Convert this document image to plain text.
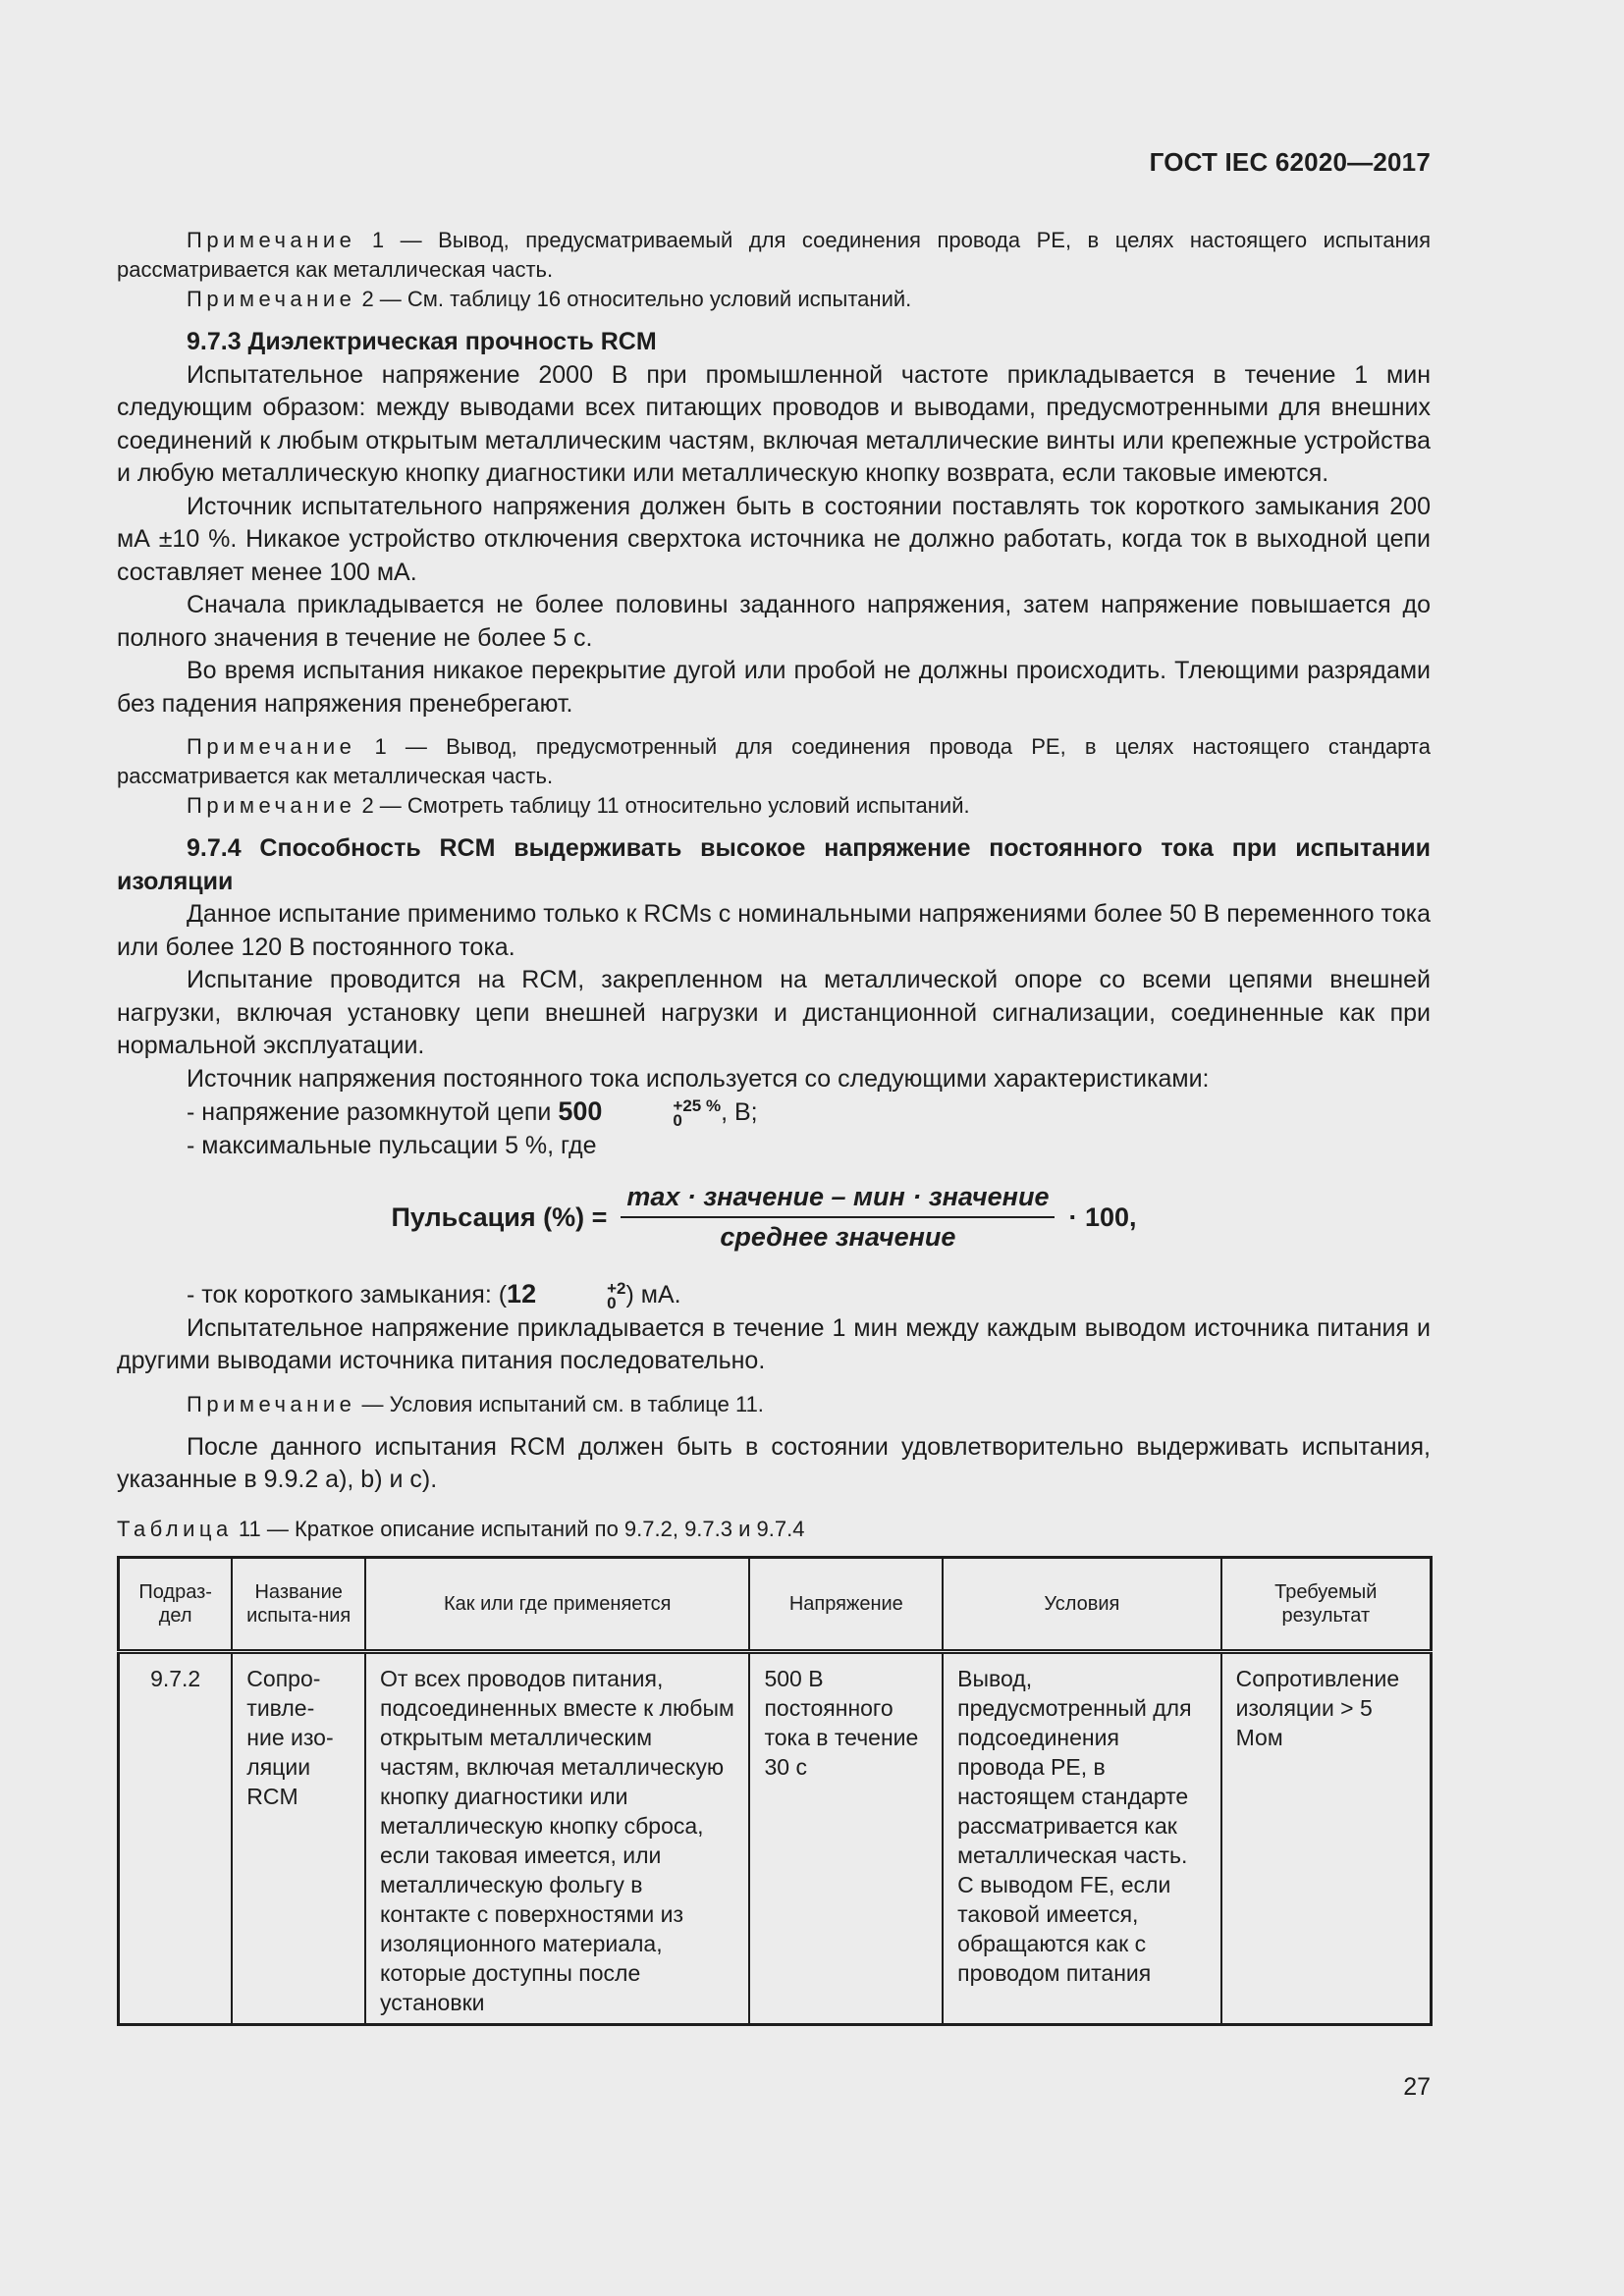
ГОСТ IEC 62020—2017

Примечание 1 — Вывод, предусматриваемый для соединения провода РЕ, в целях настоящего испытания рассматривается как металлическая часть.

Примечание 2 — См. таблицу 16 относительно условий испытаний.

9.7.3 Диэлектрическая прочность RCM

Испытательное напряжение 2000 В при промышленной частоте прикладывается в течение 1 мин следующим образом: между выводами всех питающих проводов и выводами, предусмотренными для внешних соединений к любым открытым металлическим частям, включая металлические винты или крепежные устройства и любую металлическую кнопку диагностики или металлическую кнопку возврата, если таковые имеются.

Источник испытательного напряжения должен быть в состоянии поставлять ток короткого замыкания 200 мА ±10 %. Никакое устройство отключения сверхтока источника не должно работать, когда ток в выходной цепи составляет менее 100 мА.

Сначала прикладывается не более половины заданного напряжения, затем напряжение повышается до полного значения в течение не более 5 с.

Во время испытания никакое перекрытие дугой или пробой не должны происходить. Тлеющими разрядами без падения напряжения пренебрегают.

Примечание 1 — Вывод, предусмотренный для соединения провода РЕ, в целях настоящего стандарта рассматривается как металлическая часть.

Примечание 2 — Смотреть таблицу 11 относительно условий испытаний.

9.7.4 Способность RCM выдерживать высокое напряжение постоянного тока при испытании изоляции

Данное испытание применимо только к RCMs с номинальными напряжениями более 50 В переменного тока или более 120 В постоянного тока.

Испытание проводится на RCM, закрепленном на металлической опоре со всеми цепями внешней нагрузки, включая установку цепи внешней нагрузки и дистанционной сигнализации, соединенные как при нормальной эксплуатации.

Источник напряжения постоянного тока используется со следующими характеристиками:

- напряжение разомкнутой цепи 500	+25 %
0	, В;

- максимальные пульсации 5 %, где

Пульсация (%) = $\frac{\text{max · значение – мин · значение}}{\text{среднее значение}} \cdot 100$,

- ток короткого замыкания: (12	+2
0 ) мА.

Испытательное напряжение прикладывается в течение 1 мин между каждым выводом источника питания и другими выводами источника питания последовательно.

Примечание — Условия испытаний см. в таблице 11.

После данного испытания RCM должен быть в состоянии удовлетворительно выдерживать испытания, указанные в 9.9.2 а), b) и с).

Таблица 11 — Краткое описание испытаний по 9.7.2, 9.7.3 и 9.7.4

Подраз-дел	Название испыта-ния	Как или где применяется	Напряжение	Условия	Требуемый результат
9.7.2	Сопро-тивле-ние изо-ляции RCM	От всех проводов питания, подсоединенных вместе к любым открытым металлическим частям, включая металлическую кнопку диагностики или металлическую кнопку сброса, если таковая имеется, или металлическую фольгу в контакте с поверхностями из изоляционного материала, которые доступны после установки	500 В постоянного тока в течение 30 с	Вывод, предусмотренный для подсоединения провода РЕ, в настоящем стандарте рассматривается как металлическая часть. С выводом FE, если таковой имеется, обращаются как с проводом питания	Сопротивление изоляции > 5 Мом
27
